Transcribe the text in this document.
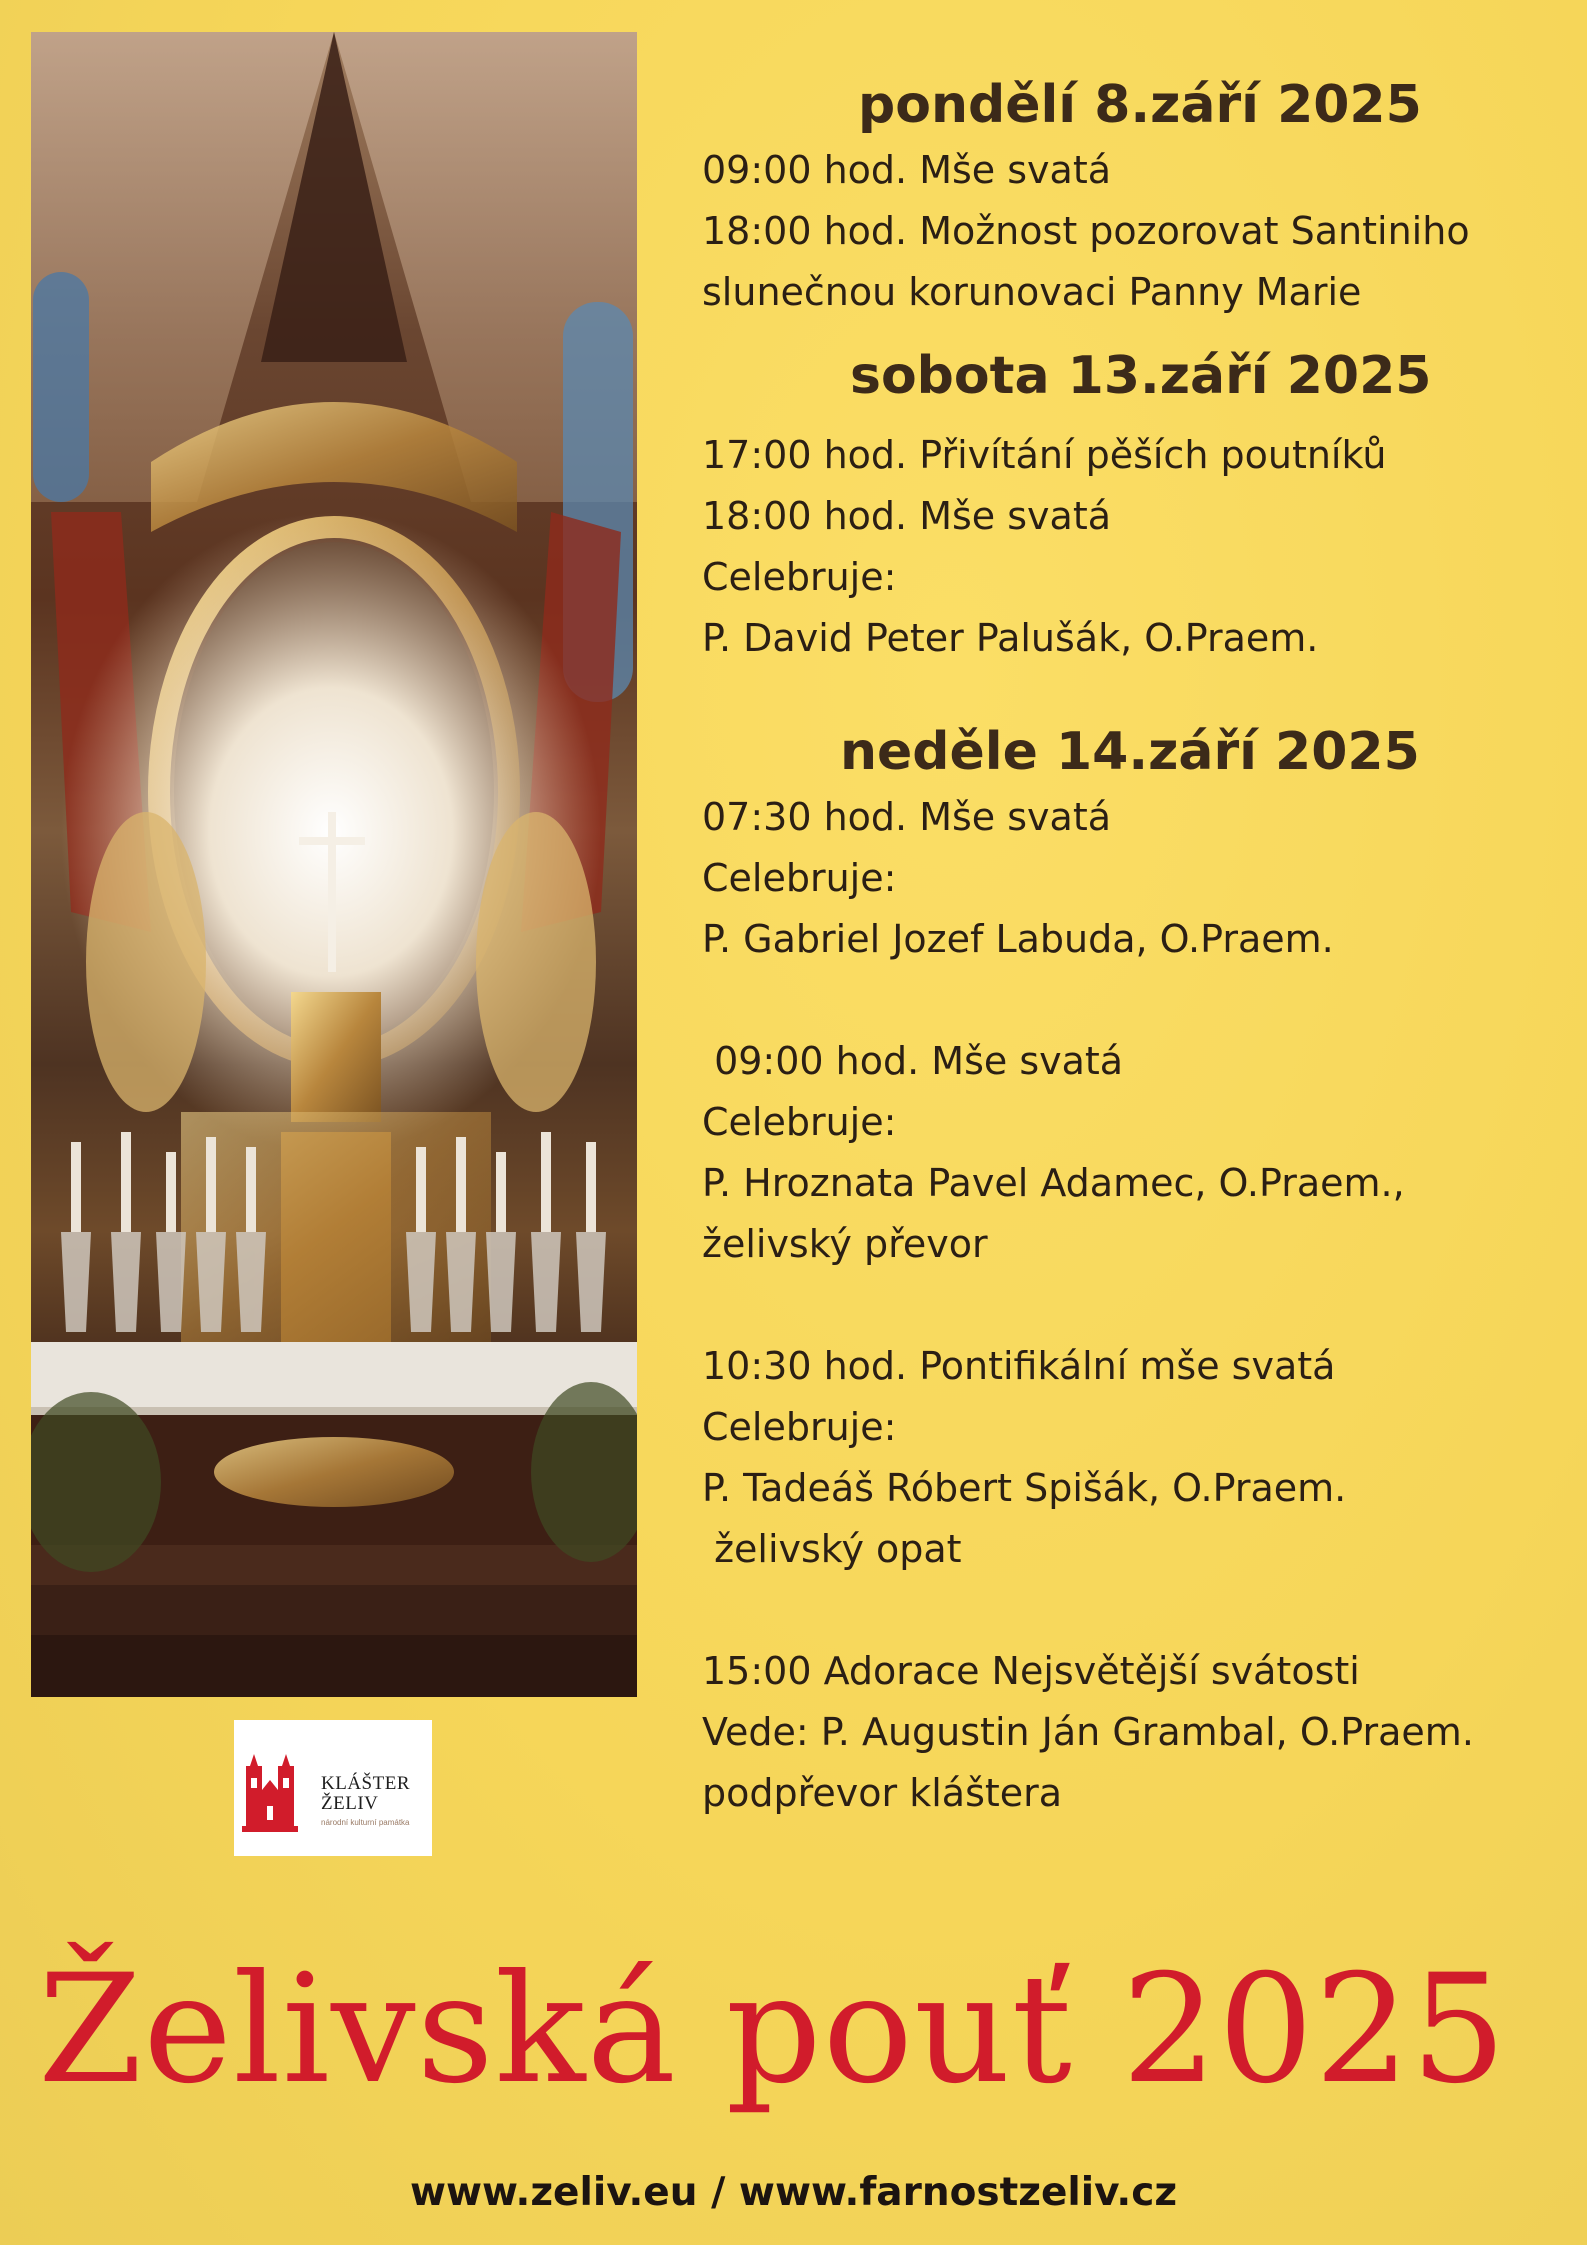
KLÁŠTER
ŽELIV
národní kulturní památka

pondělí 8.září 2025

09:00 hod. Mše svatá

18:00 hod. Možnost pozorovat Santiniho

slunečnou korunovaci Panny Marie

sobota 13.září 2025

17:00 hod. Přivítání pěších poutníků

18:00 hod. Mše svatá

Celebruje:

P. David Peter Palušák, O.Praem.

neděle 14.září 2025

07:30 hod. Mše svatá

Celebruje:

P. Gabriel Jozef Labuda, O.Praem.

09:00 hod. Mše svatá

Celebruje:

P. Hroznata Pavel Adamec, O.Praem.,

želivský převor

10:30 hod. Pontifikální mše svatá

Celebruje:

P. Tadeáš Róbert Spišák, O.Praem.

želivský opat

15:00 Adorace Nejsvětější svátosti

Vede: P. Augustin Ján Grambal, O.Praem.

podpřevor kláštera

Želivská pouť 2025
www.zeliv.eu / www.farnostzeliv.cz
